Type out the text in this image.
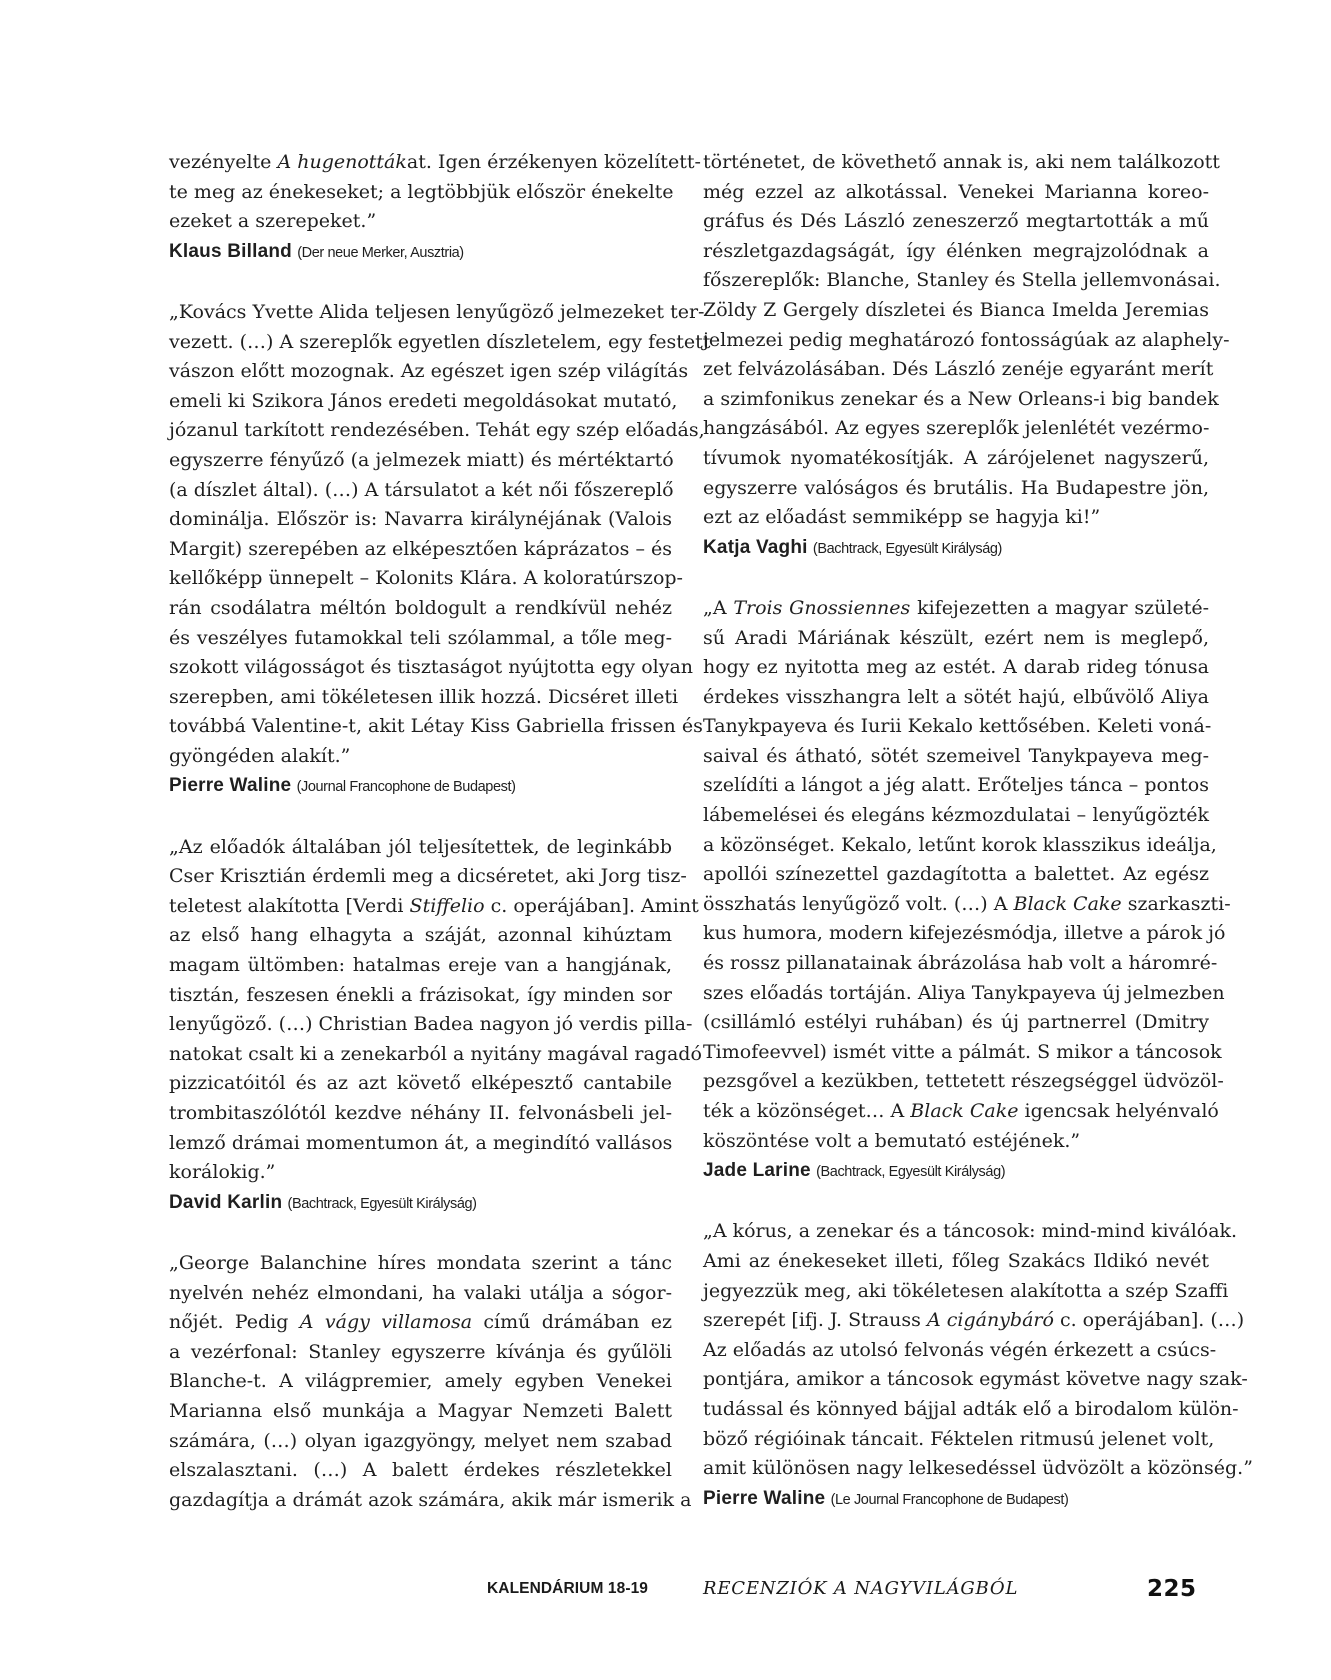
vezényelte A hugenottákat. Igen érzékenyen közelített-
te meg az énekeseket; a legtöbbjük először énekelte
ezeket a szerepeket.”
Klaus Billand (Der neue Merker, Ausztria)
„Kovács Yvette Alida teljesen lenyűgöző jelmezeket ter-
vezett. (…) A szereplők egyetlen díszletelem, egy festett
vászon előtt mozognak. Az egészet igen szép világítás
emeli ki Szikora János eredeti megoldásokat mutató,
józanul tarkított rendezésében. Tehát egy szép előadás,
egyszerre fényűző (a jelmezek miatt) és mértéktartó
(a díszlet által). (…) A társulatot a két női főszereplő
dominálja. Először is: Navarra királynéjának (Valois
Margit) szerepében az elképesztően káprázatos – és
kellőképp ünnepelt – Kolonits Klára. A koloratúrszop-
rán csodálatra méltón boldogult a rendkívül nehéz
és veszélyes futamokkal teli szólammal, a tőle meg-
szokott világosságot és tisztaságot nyújtotta egy olyan
szerepben, ami tökéletesen illik hozzá. Dicséret illeti
továbbá Valentine-t, akit Létay Kiss Gabriella frissen és
gyöngéden alakít.”
Pierre Waline (Journal Francophone de Budapest)
„Az előadók általában jól teljesítettek, de leginkább
Cser Krisztián érdemli meg a dicséretet, aki Jorg tisz-
teletest alakította [Verdi Stiffelio c. operájában]. Amint
az első hang elhagyta a száját, azonnal kihúztam
magam ültömben: hatalmas ereje van a hangjának,
tisztán, feszesen énekli a frázisokat, így minden sor
lenyűgöző. (…) Christian Badea nagyon jó verdis pilla-
natokat csalt ki a zenekarból a nyitány magával ragadó
pizzicatóitól és az azt követő elképesztő cantabile
trombitaszólótól kezdve néhány II. felvonásbeli jel-
lemző drámai momentumon át, a megindító vallásos
korálokig.”
David Karlin (Bachtrack, Egyesült Királyság)
„George Balanchine híres mondata szerint a tánc
nyelvén nehéz elmondani, ha valaki utálja a sógor-
nőjét. Pedig A vágy villamosa című drámában ez
a vezérfonal: Stanley egyszerre kívánja és gyűlöli
Blanche-t. A világpremier, amely egyben Venekei
Marianna első munkája a Magyar Nemzeti Balett
számára, (…) olyan igazgyöngy, melyet nem szabad
elszalasztani. (…) A balett érdekes részletekkel
gazdagítja a drámát azok számára, akik már ismerik a
történetet, de követhető annak is, aki nem találkozott
még ezzel az alkotással. Venekei Marianna koreo-
gráfus és Dés László zeneszerző megtartották a mű
részletgazdagságát, így élénken megrajzolódnak a
főszereplők: Blanche, Stanley és Stella jellemvonásai.
Zöldy Z Gergely díszletei és Bianca Imelda Jeremias
jelmezei pedig meghatározó fontosságúak az alaphely-
zet felvázolásában. Dés László zenéje egyaránt merít
a szimfonikus zenekar és a New Orleans-i big bandek
hangzásából. Az egyes szereplők jelenlétét vezérmo-
tívumok nyomatékosítják. A zárójelenet nagyszerű,
egyszerre valóságos és brutális. Ha Budapestre jön,
ezt az előadást semmiképp se hagyja ki!”
Katja Vaghi (Bachtrack, Egyesült Királyság)
„A Trois Gnossiennes kifejezetten a magyar születé-
sű Aradi Máriának készült, ezért nem is meglepő,
hogy ez nyitotta meg az estét. A darab rideg tónusa
érdekes visszhangra lelt a sötét hajú, elbűvölő Aliya
Tanykpayeva és Iurii Kekalo kettősében. Keleti voná-
saival és átható, sötét szemeivel Tanykpayeva meg-
szelídíti a lángot a jég alatt. Erőteljes tánca – pontos
lábemelései és elegáns kézmozdulatai – lenyűgözték
a közönséget. Kekalo, letűnt korok klasszikus ideálja,
apollói színezettel gazdagította a balettet. Az egész
összhatás lenyűgöző volt. (…) A Black Cake szarkaszti-
kus humora, modern kifejezésmódja, illetve a párok jó
és rossz pillanatainak ábrázolása hab volt a háromré-
szes előadás tortáján. Aliya Tanykpayeva új jelmezben
(csillámló estélyi ruhában) és új partnerrel (Dmitry
Timofeevvel) ismét vitte a pálmát. S mikor a táncosok
pezsgővel a kezükben, tettetett részegséggel üdvözöl-
ték a közönséget… A Black Cake igencsak helyénvaló
köszöntése volt a bemutató estéjének.”
Jade Larine (Bachtrack, Egyesült Királyság)
„A kórus, a zenekar és a táncosok: mind-mind kiválóak.
Ami az énekeseket illeti, főleg Szakács Ildikó nevét
jegyezzük meg, aki tökéletesen alakította a szép Szaffi
szerepét [ifj. J. Strauss A cigánybáró c. operájában]. (…)
Az előadás az utolsó felvonás végén érkezett a csúcs-
pontjára, amikor a táncosok egymást követve nagy szak-
tudással és könnyed bájjal adták elő a birodalom külön-
böző régióinak táncait. Féktelen ritmusú jelenet volt,
amit különösen nagy lelkesedéssel üdvözölt a közönség.”
Pierre Waline (Le Journal Francophone de Budapest)
KALENDÁRIUM 18-19	RECENZIÓK A NAGYVILÁGBÓL	225
